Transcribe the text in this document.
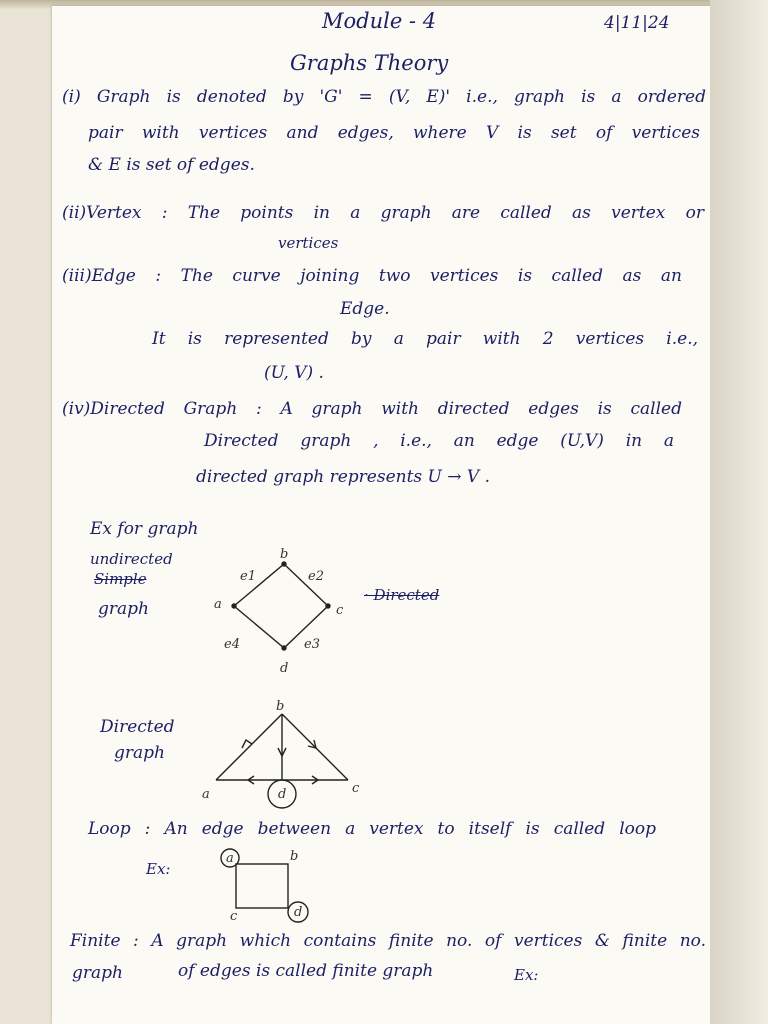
Module - 4	4|11|24
Graphs Theory
(i) Graph is denoted by 'G' = (V, E)' i.e., graph is a ordered
pair with vertices and edges, where V is set of vertices
& E is set of edges.
(ii)Vertex : The points in a graph are called as vertex or
vertices
(iii)Edge : The curve joining two vertices is called as an
Edge.
It is represented by a pair with 2 vertices i.e.,
(U, V) .
(iv)Directed Graph : A graph with directed edges is called
Directed graph , i.e., an edge (U,V) in a
directed graph represents U → V .
Ex for graph
undirected
Simple
graph
· Directed
b
c
d
a
e1	e2
e3
e4
Directed
graph
b
a	c
d
Loop : An edge between a vertex to itself is called loop
Ex:
a	b
c	d
Finite : A graph which contains finite no. of vertices & finite no.
graph	of edges is called finite graph	Ex:
